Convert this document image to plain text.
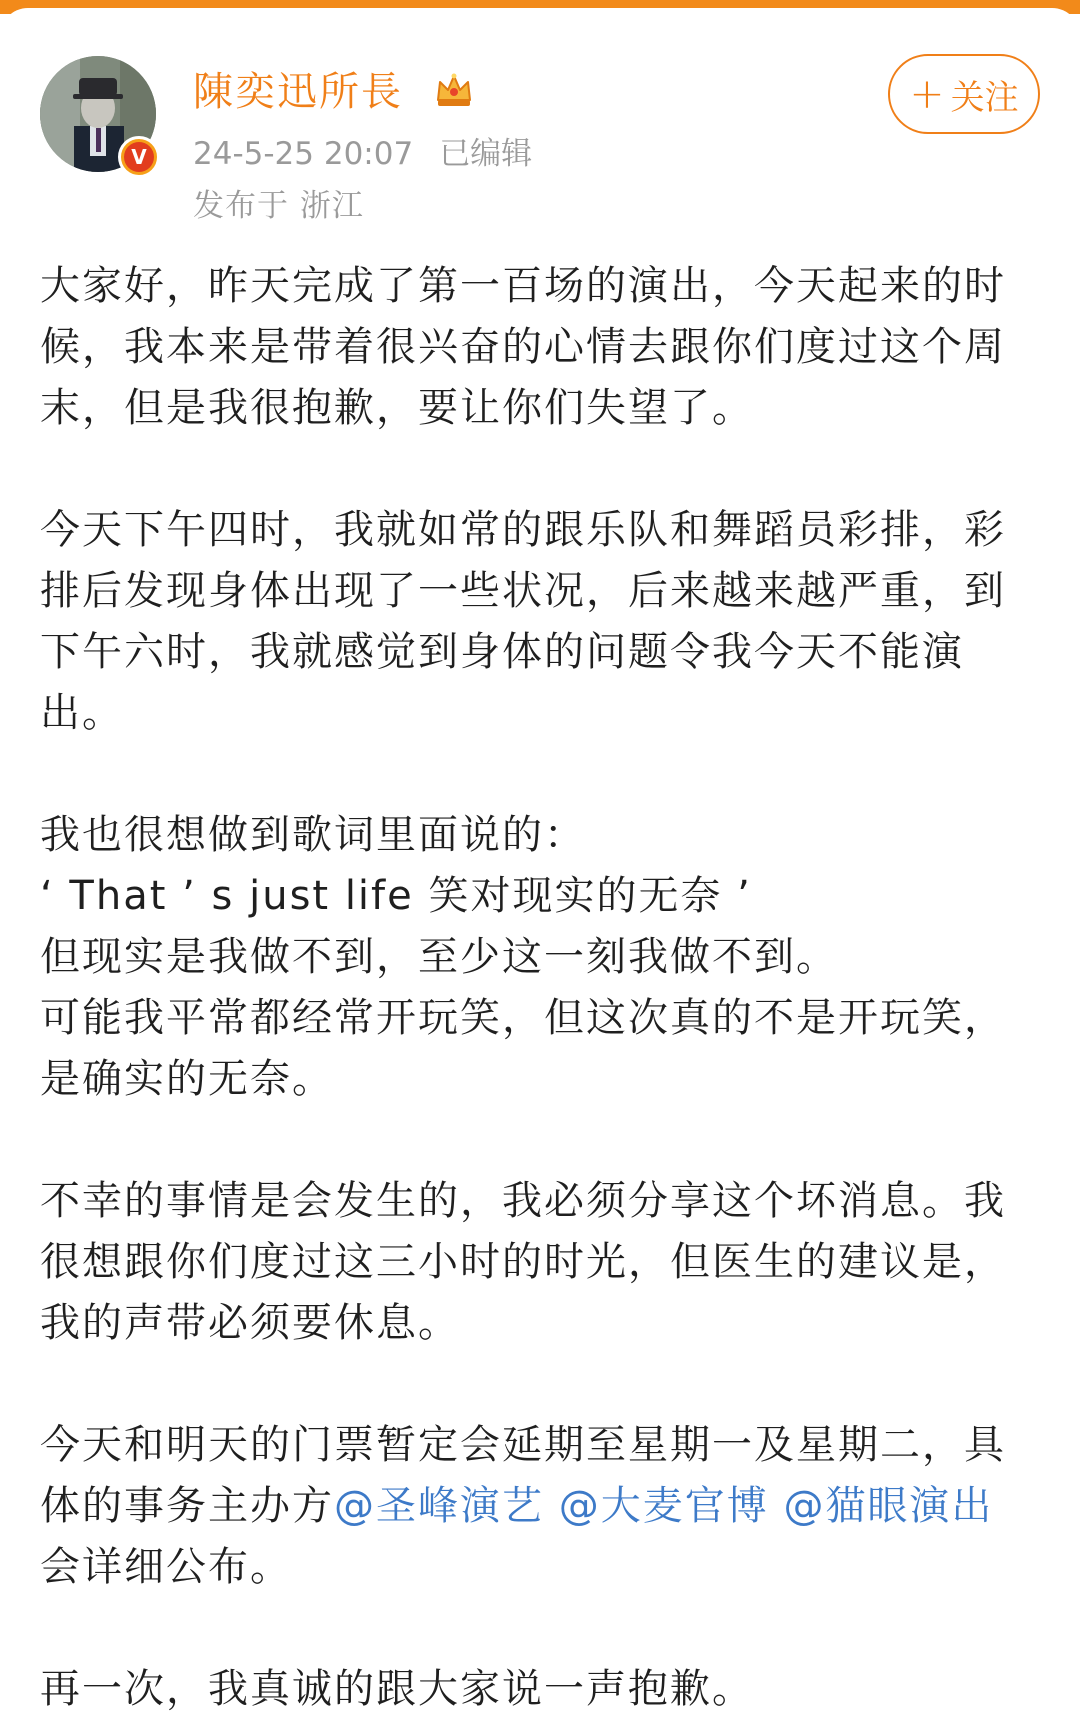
V
陳奕迅所長
24-5-25 20:07 已编辑
发布于 浙江
+ 关注

大家好，昨天完成了第一百场的演出，今天起来的时候，我本来是带着很兴奋的心情去跟你们度过这个周末，但是我很抱歉，要让你们失望了。

今天下午四时，我就如常的跟乐队和舞蹈员彩排，彩排后发现身体出现了一些状况，后来越来越严重，到下午六时，我就感觉到身体的问题令我今天不能演出。

我也很想做到歌词里面说的：
‘ That ’ s just life 笑对现实的无奈 ’
但现实是我做不到，至少这一刻我做不到。
可能我平常都经常开玩笑，但这次真的不是开玩笑，是确实的无奈。

不幸的事情是会发生的，我必须分享这个坏消息。我很想跟你们度过这三小时的时光，但医生的建议是，我的声带必须要休息。

今天和明天的门票暂定会延期至星期一及星期二，具体的事务主办方@圣峰演艺 @大麦官博 @猫眼演出 会详细公布。

再一次，我真诚的跟大家说一声抱歉。
